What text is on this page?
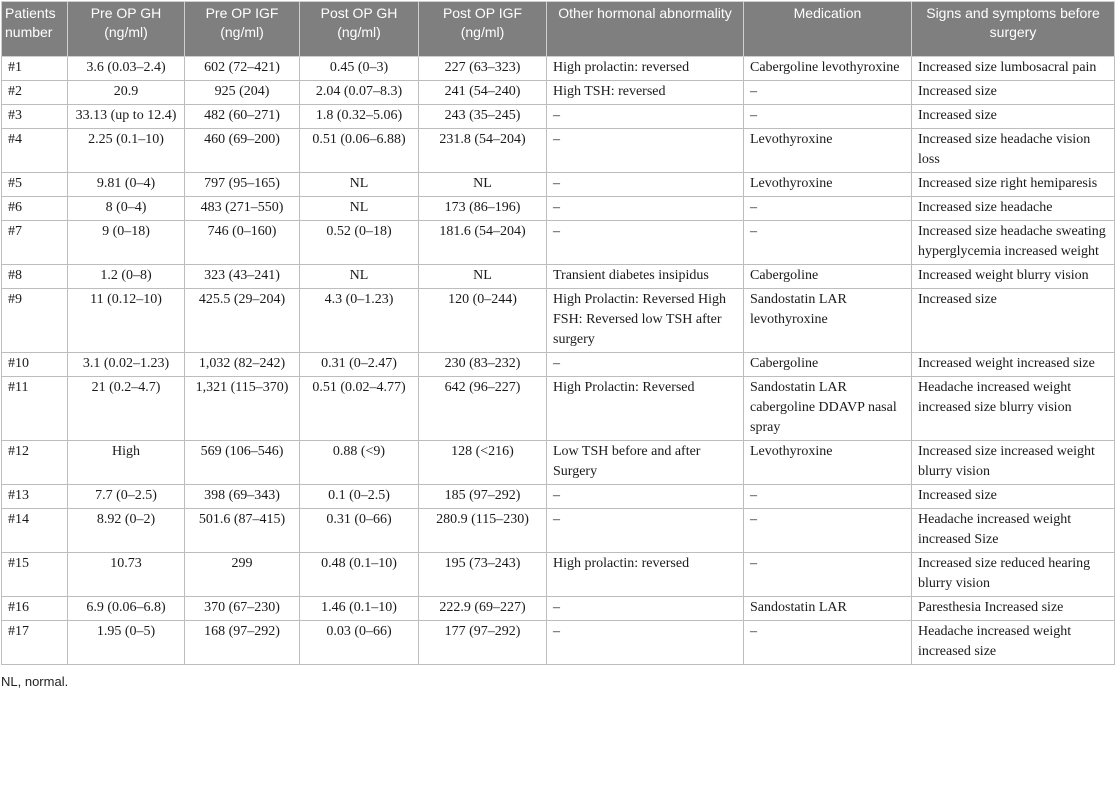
Patients number	Pre OP GH (ng/ml)	Pre OP IGF (ng/ml)	Post OP GH (ng/ml)	Post OP IGF (ng/ml)	Other hormonal abnormality	Medication	Signs and symptoms before surgery
#1	3.6 (0.03–2.4)	602 (72–421)	0.45 (0–3)	227 (63–323)	High prolactin: reversed	Cabergoline levothyroxine	Increased size lumbosacral pain
#2	20.9	925 (204)	2.04 (0.07–8.3)	241 (54–240)	High TSH: reversed	–	Increased size
#3	33.13 (up to 12.4)	482 (60–271)	1.8 (0.32–5.06)	243 (35–245)	–	–	Increased size
#4	2.25 (0.1–10)	460 (69–200)	0.51 (0.06–6.88)	231.8 (54–204)	–	Levothyroxine	Increased size headache vision loss
#5	9.81 (0–4)	797 (95–165)	NL	NL	–	Levothyroxine	Increased size right hemiparesis
#6	8 (0–4)	483 (271–550)	NL	173 (86–196)	–	–	Increased size headache
#7	9 (0–18)	746 (0–160)	0.52 (0–18)	181.6 (54–204)	–	–	Increased size headache sweating hyperglycemia increased weight
#8	1.2 (0–8)	323 (43–241)	NL	NL	Transient diabetes insipidus	Cabergoline	Increased weight blurry vision
#9	11 (0.12–10)	425.5 (29–204)	4.3 (0–1.23)	120 (0–244)	High Prolactin: Reversed High FSH: Reversed low TSH after surgery	Sandostatin LAR levothyroxine	Increased size
#10	3.1 (0.02–1.23)	1,032 (82–242)	0.31 (0–2.47)	230 (83–232)	–	Cabergoline	Increased weight increased size
#11	21 (0.2–4.7)	1,321 (115–370)	0.51 (0.02–4.77)	642 (96–227)	High Prolactin: Reversed	Sandostatin LAR cabergoline DDAVP nasal spray	Headache increased weight increased size blurry vision
#12	High	569 (106–546)	0.88 (<9)	128 (<216)	Low TSH before and after Surgery	Levothyroxine	Increased size increased weight blurry vision
#13	7.7 (0–2.5)	398 (69–343)	0.1 (0–2.5)	185 (97–292)	–	–	Increased size
#14	8.92 (0–2)	501.6 (87–415)	0.31 (0–66)	280.9 (115–230)	–	–	Headache increased weight increased Size
#15	10.73	299	0.48 (0.1–10)	195 (73–243)	High prolactin: reversed	–	Increased size reduced hearing blurry vision
#16	6.9 (0.06–6.8)	370 (67–230)	1.46 (0.1–10)	222.9 (69–227)	–	Sandostatin LAR	Paresthesia Increased size
#17	1.95 (0–5)	168 (97–292)	0.03 (0–66)	177 (97–292)	–	–	Headache increased weight increased size
NL, normal.
